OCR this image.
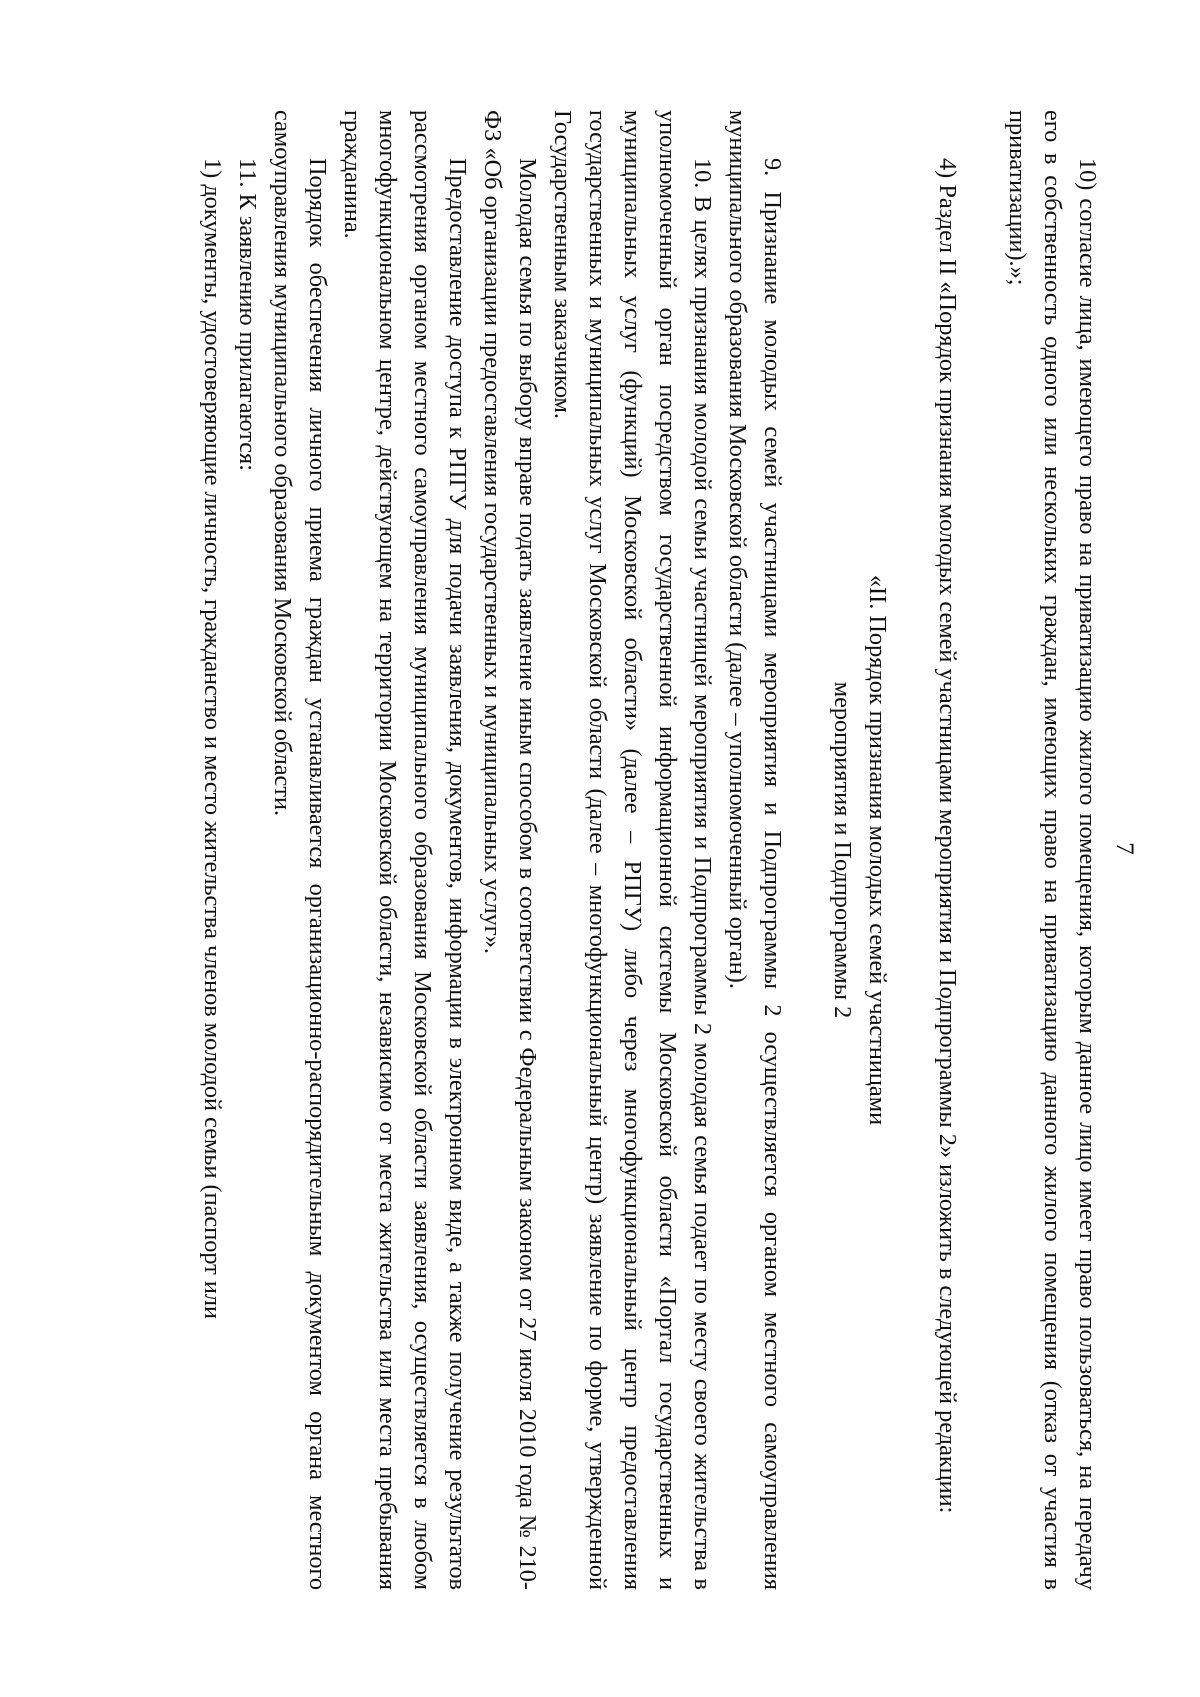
7

10) согласие лица, имеющего право на приватизацию жилого помещения, которым данное лицо имеет право пользоваться, на передачу его в собственность одного или нескольких граждан, имеющих право на приватизацию данного жилого помещения (отказ от участия в приватизации).»;

4) Раздел II «Порядок признания молодых семей участницами мероприятия и Подпрограммы 2» изложить в следующей редакции:

«II. Порядок признания молодых семей участницами
мероприятия и Подпрограммы 2

9. Признание молодых семей участницами мероприятия и Подпрограммы 2 осуществляется органом местного самоуправления муниципального образования Московской области (далее – уполномоченный орган).

10. В целях признания молодой семьи участницей мероприятия и Подпрограммы 2 молодая семья подает по месту своего жительства в уполномоченный орган посредством государственной информационной системы Московской области «Портал государственных и муниципальных услуг (функций) Московской области» (далее – РПГУ) либо через многофункциональный центр предоставления государственных и муниципальных услуг Московской области (далее – многофункциональный центр) заявление по форме, утвержденной Государственным заказчиком.

Молодая семья по выбору вправе подать заявление иным способом в соответствии с Федеральным законом от 27 июля 2010 года № 210-ФЗ «Об организации предоставления государственных и муниципальных услуг».

Предоставление доступа к РПГУ для подачи заявления, документов, информации в электронном виде, а также получение результатов рассмотрения органом местного самоуправления муниципального образования Московской области заявления, осуществляется в любом многофункциональном центре, действующем на территории Московской области, независимо от места жительства или места пребывания гражданина.

Порядок обеспечения личного приема граждан устанавливается организационно-распорядительным документом органа местного самоуправления муниципального образования Московской области.

11. К заявлению прилагаются:

1) документы, удостоверяющие личность, гражданство и место жительства членов молодой семьи (паспорт или
